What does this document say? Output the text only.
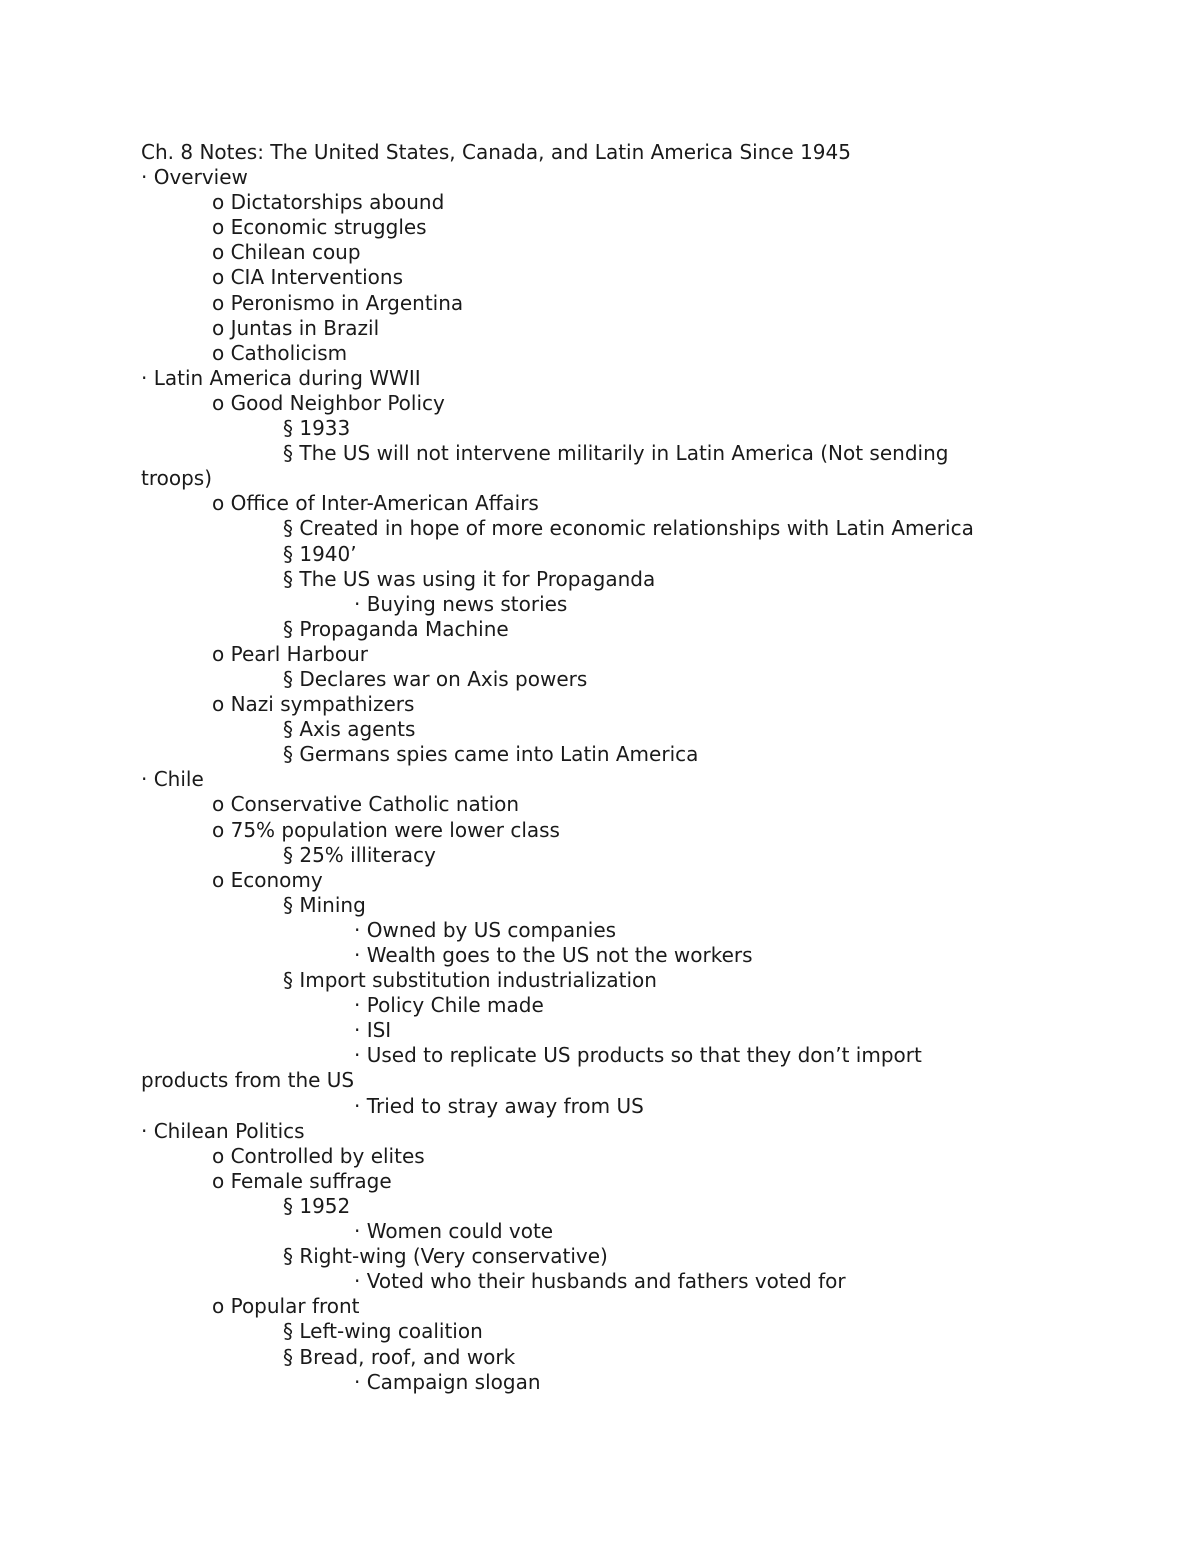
Ch. 8 Notes: The United States, Canada, and Latin America Since 1945
· Overview
o Dictatorships abound
o Economic struggles
o Chilean coup
o CIA Interventions
o Peronismo in Argentina
o Juntas in Brazil
o Catholicism
· Latin America during WWII
o Good Neighbor Policy
§ 1933
§ The US will not intervene militarily in Latin America (Not sending
troops)
o Office of Inter-American Affairs
§ Created in hope of more economic relationships with Latin America
§ 1940’
§ The US was using it for Propaganda
· Buying news stories
§ Propaganda Machine
o Pearl Harbour
§ Declares war on Axis powers
o Nazi sympathizers
§ Axis agents
§ Germans spies came into Latin America
· Chile
o Conservative Catholic nation
o 75% population were lower class
§ 25% illiteracy
o Economy
§ Mining
· Owned by US companies
· Wealth goes to the US not the workers
§ Import substitution industrialization
· Policy Chile made
· ISI
· Used to replicate US products so that they don’t import
products from the US
· Tried to stray away from US
· Chilean Politics
o Controlled by elites
o Female suffrage
§ 1952
· Women could vote
§ Right-wing (Very conservative)
· Voted who their husbands and fathers voted for
o Popular front
§ Left-wing coalition
§ Bread, roof, and work
· Campaign slogan
